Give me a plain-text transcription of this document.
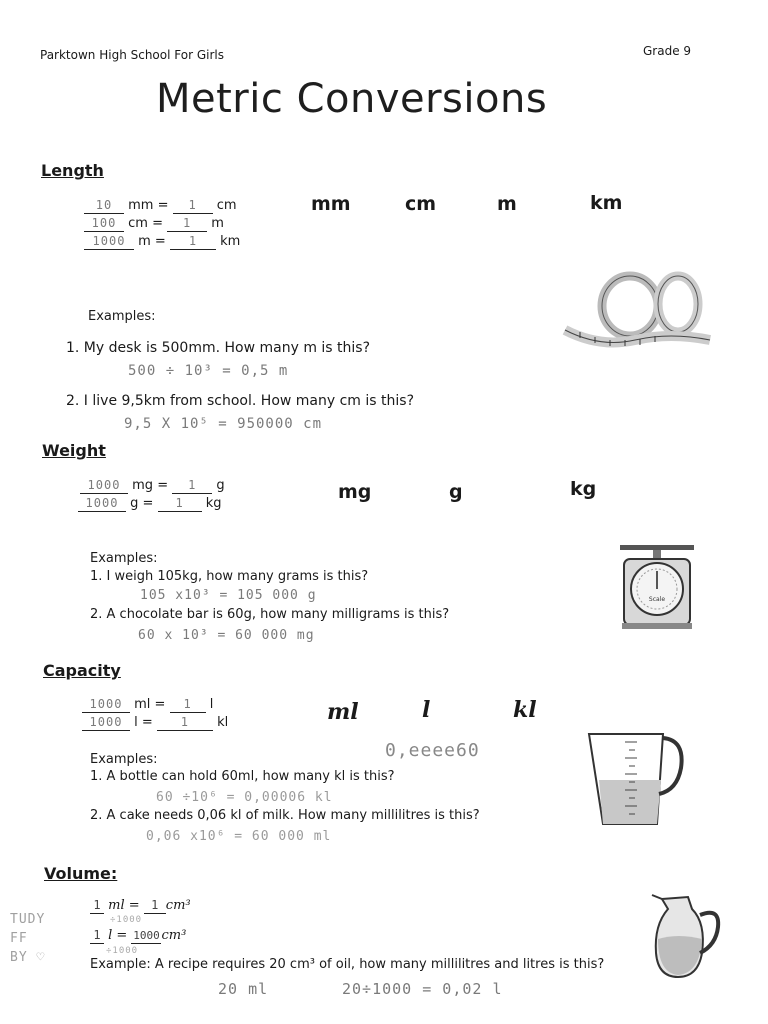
Parktown High School For Girls	Grade 9
Metric Conversions
Length
10 mm = 1 cm
100 cm = 1 m
1000 m = 1 km
mm	cm	m	km
Examples:
1. My desk is 500mm. How many m is this?
500 ÷ 10³ = 0,5 m
2. I live 9,5km from school. How many cm is this?
9,5 X 10⁵ = 950000 cm
Weight
1000 mg = 1 g
1000 g = 1 kg
mg	g	kg
Scale
Examples:
1. I weigh 105kg, how many grams is this?
105 x10³ = 105 000 g
2. A chocolate bar is 60g, how many milligrams is this?
60 x 10³ = 60 000 mg
Capacity
1000 ml = 1 l
1000 l = 1 kl	ml	l	kl
0,ееее60
Examples:
1. A bottle can hold 60ml, how many kl is this?
60 ÷10⁶ = 0,00006 kl
2. A cake needs 0,06 kl of milk. How many millilitres is this?
0,06 x10⁶ = 60 000 ml
Volume:
TUDY
FF
BY ♡
1 ml = 1 cm³
÷1000
1 l = 1000 cm³
÷1000
Example: A recipe requires 20 cm³ of oil, how many millilitres and litres is this?
20 ml	20÷1000 = 0,02 l
